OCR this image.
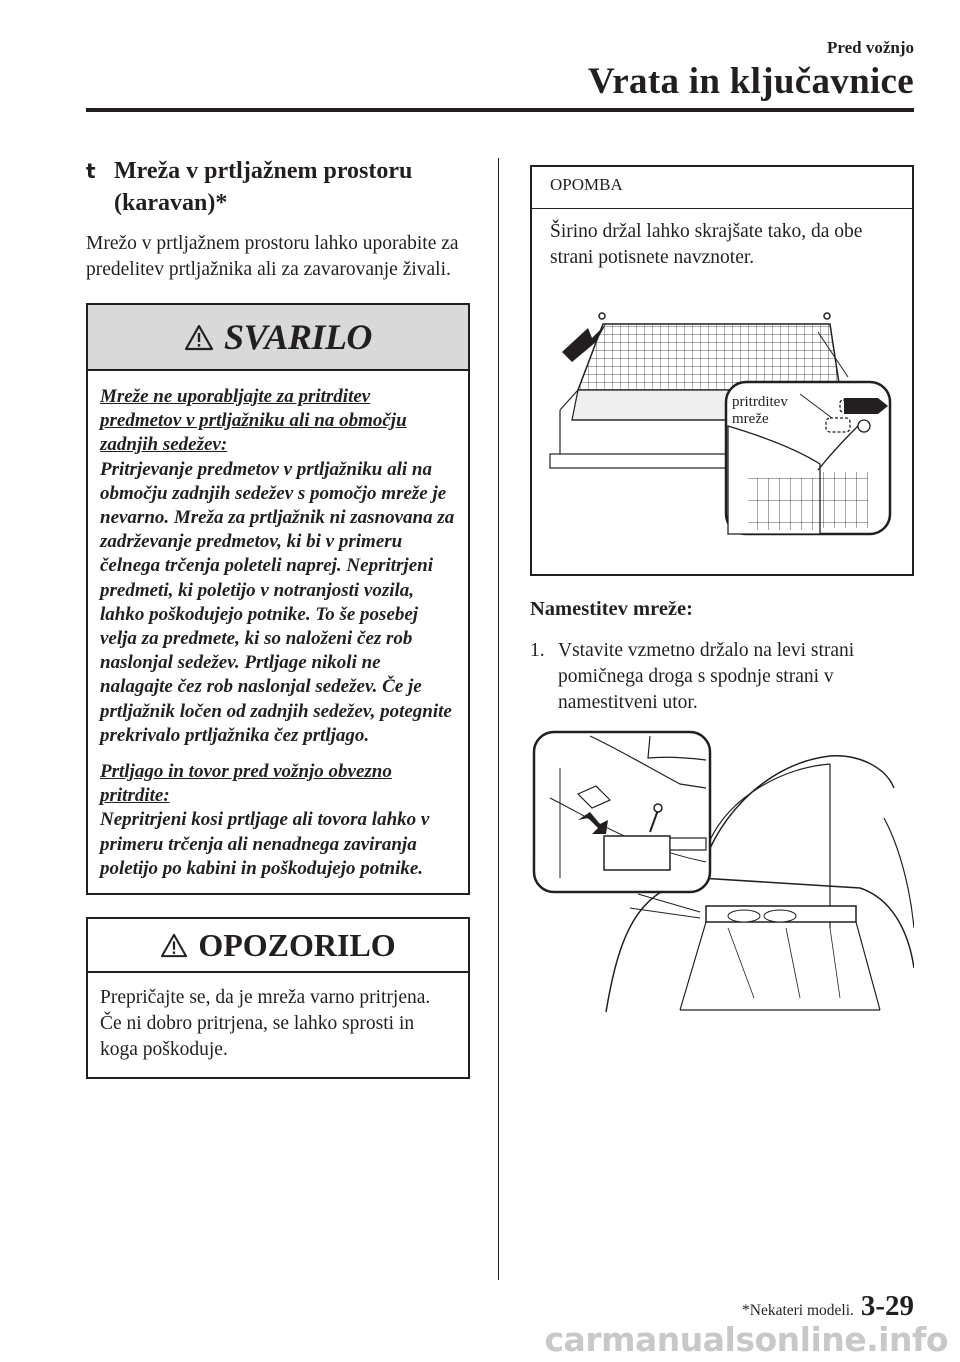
Pred vožnjo
Vrata in ključavnice
t Mreža v prtljažnem prostoru
(karavan)*

Mrežo v prtljažnem prostoru lahko uporabite za predelitev prtljažnika ali za zavarovanje živali.

SVARILO

Mreže ne uporabljajte za pritrditev predmetov v prtljažniku ali na območju zadnjih sedežev:
Pritrjevanje predmetov v prtljažniku ali na območju zadnjih sedežev s pomočjo mreže je nevarno. Mreža za prtljažnik ni zasnovana za zadrževanje predmetov, ki bi v primeru čelnega trčenja poleteli naprej. Nepritrjeni predmeti, ki poletijo v notranjosti vozila, lahko poškodujejo potnike. To še posebej velja za predmete, ki so naloženi čez rob naslonjal sedežev. Prtljage nikoli ne nalagajte čez rob naslonjal sedežev. Če je prtljažnik ločen od zadnjih sedežev, potegnite prekrivalo prtljažnika čez prtljago.

Prtljago in tovor pred vožnjo obvezno pritrdite:
Nepritrjeni kosi prtljage ali tovora lahko v primeru trčenja ali nenadnega zaviranja poletijo po kabini in poškodujejo potnike.

OPOZORILO
Prepričajte se, da je mreža varno pritrjena. Če ni dobro pritrjena, se lahko sprosti in koga poškoduje.
OPOMBA
Širino držal lahko skrajšate tako, da obe strani potisnete navznoter.
pritrditev
mreže
Namestitev mreže:
1. Vstavite vzmetno držalo na levi strani pomičnega droga s spodnje strani v namestitveni utor.
*Nekateri modeli. 3-29
carmanualsonline.info
